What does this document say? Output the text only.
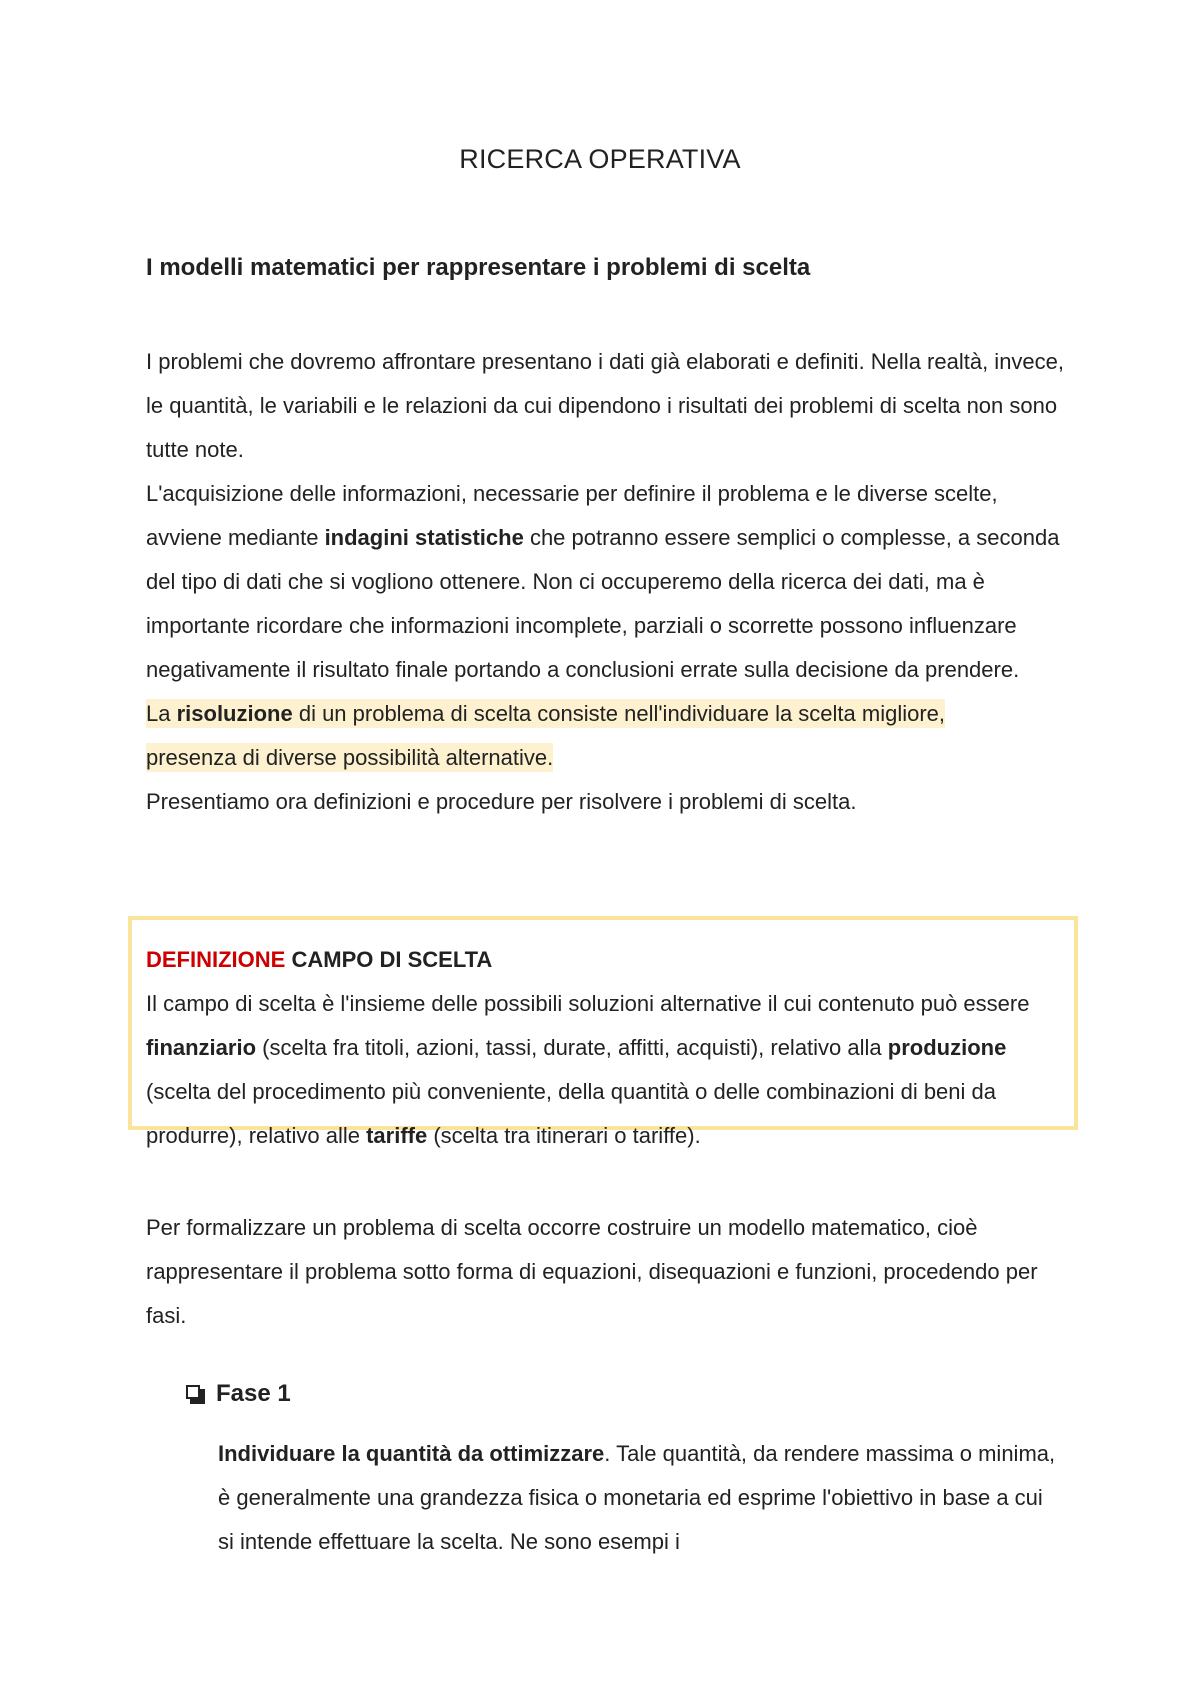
RICERCA OPERATIVA
I modelli matematici per rappresentare i problemi di scelta

I problemi che dovremo affrontare presentano i dati già elaborati e definiti. Nella realtà, invece, le quantità, le variabili e le relazioni da cui dipendono i risultati dei problemi di scelta non sono tutte note.

L'acquisizione delle informazioni, necessarie per definire il problema e le diverse scelte, avviene mediante indagini statistiche che potranno essere semplici o complesse, a seconda del tipo di dati che si vogliono ottenere. Non ci occuperemo della ricerca dei dati, ma è importante ricordare che informazioni incomplete, parziali o scorrette possono influenzare negativamente il risultato finale portando a conclusioni errate sulla decisione da prendere.

La risoluzione di un problema di scelta consiste nell'individuare la scelta migliore,
presenza di diverse possibilità alternative.

Presentiamo ora definizioni e procedure per risolvere i problemi di scelta.

DEFINIZIONE CAMPO DI SCELTA

Il campo di scelta è l'insieme delle possibili soluzioni alternative il cui contenuto può essere finanziario (scelta fra titoli, azioni, tassi, durate, affitti, acquisti), relativo alla produzione (scelta del procedimento più conveniente, della quantità o delle combinazioni di beni da produrre), relativo alle tariffe (scelta tra itinerari o tariffe).

Per formalizzare un problema di scelta occorre costruire un modello matematico, cioè rappresentare il problema sotto forma di equazioni, disequazioni e funzioni, procedendo per fasi.

Fase 1

Individuare la quantità da ottimizzare. Tale quantità, da rendere massima o minima, è generalmente una grandezza fisica o monetaria ed esprime l'obiettivo in base a cui si intende effettuare la scelta. Ne sono esempi i
